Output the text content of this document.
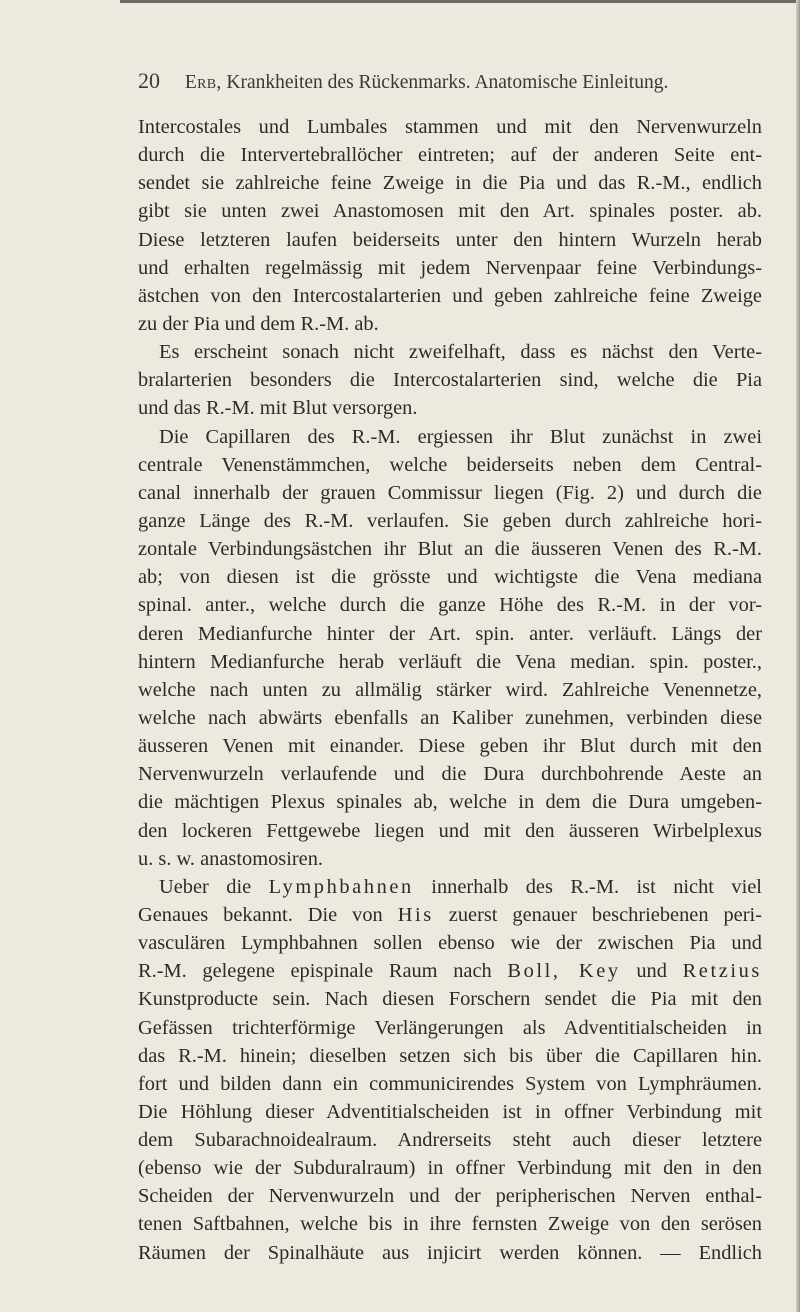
20 Erb, Krankheiten des Rückenmarks. Anatomische Einleitung.
Intercostales und Lumbales stammen und mit den Nervenwurzeln
durch die Intervertebrallöcher eintreten; auf der anderen Seite ent-
sendet sie zahlreiche feine Zweige in die Pia und das R.-M., endlich
gibt sie unten zwei Anastomosen mit den Art. spinales poster. ab.
Diese letzteren laufen beiderseits unter den hintern Wurzeln herab
und erhalten regelmässig mit jedem Nervenpaar feine Verbindungs-
ästchen von den Intercostalarterien und geben zahlreiche feine Zweige
zu der Pia und dem R.-M. ab.
Es erscheint sonach nicht zweifelhaft, dass es nächst den Verte-
bralarterien besonders die Intercostalarterien sind, welche die Pia
und das R.-M. mit Blut versorgen.
Die Capillaren des R.-M. ergiessen ihr Blut zunächst in zwei
centrale Venenstämmchen, welche beiderseits neben dem Central-
canal innerhalb der grauen Commissur liegen (Fig. 2) und durch die
ganze Länge des R.-M. verlaufen. Sie geben durch zahlreiche hori-
zontale Verbindungsästchen ihr Blut an die äusseren Venen des R.-M.
ab; von diesen ist die grösste und wichtigste die Vena mediana
spinal. anter., welche durch die ganze Höhe des R.-M. in der vor-
deren Medianfurche hinter der Art. spin. anter. verläuft. Längs der
hintern Medianfurche herab verläuft die Vena median. spin. poster.,
welche nach unten zu allmälig stärker wird. Zahlreiche Venennetze,
welche nach abwärts ebenfalls an Kaliber zunehmen, verbinden diese
äusseren Venen mit einander. Diese geben ihr Blut durch mit den
Nervenwurzeln verlaufende und die Dura durchbohrende Aeste an
die mächtigen Plexus spinales ab, welche in dem die Dura umgeben-
den lockeren Fettgewebe liegen und mit den äusseren Wirbelplexus
u. s. w. anastomosiren.
Ueber die Lymphbahnen innerhalb des R.-M. ist nicht viel
Genaues bekannt. Die von His zuerst genauer beschriebenen peri-
vasculären Lymphbahnen sollen ebenso wie der zwischen Pia und
R.-M. gelegene epispinale Raum nach Boll, Key und Retzius
Kunstproducte sein. Nach diesen Forschern sendet die Pia mit den
Gefässen trichterförmige Verlängerungen als Adventitialscheiden in
das R.-M. hinein; dieselben setzen sich bis über die Capillaren hin.
fort und bilden dann ein communicirendes System von Lymphräumen.
Die Höhlung dieser Adventitialscheiden ist in offner Verbindung mit
dem Subarachnoidealraum. Andrerseits steht auch dieser letztere
(ebenso wie der Subduralraum) in offner Verbindung mit den in den
Scheiden der Nervenwurzeln und der peripherischen Nerven enthal-
tenen Saftbahnen, welche bis in ihre fernsten Zweige von den serösen
Räumen der Spinalhäute aus injicirt werden können. — Endlich
